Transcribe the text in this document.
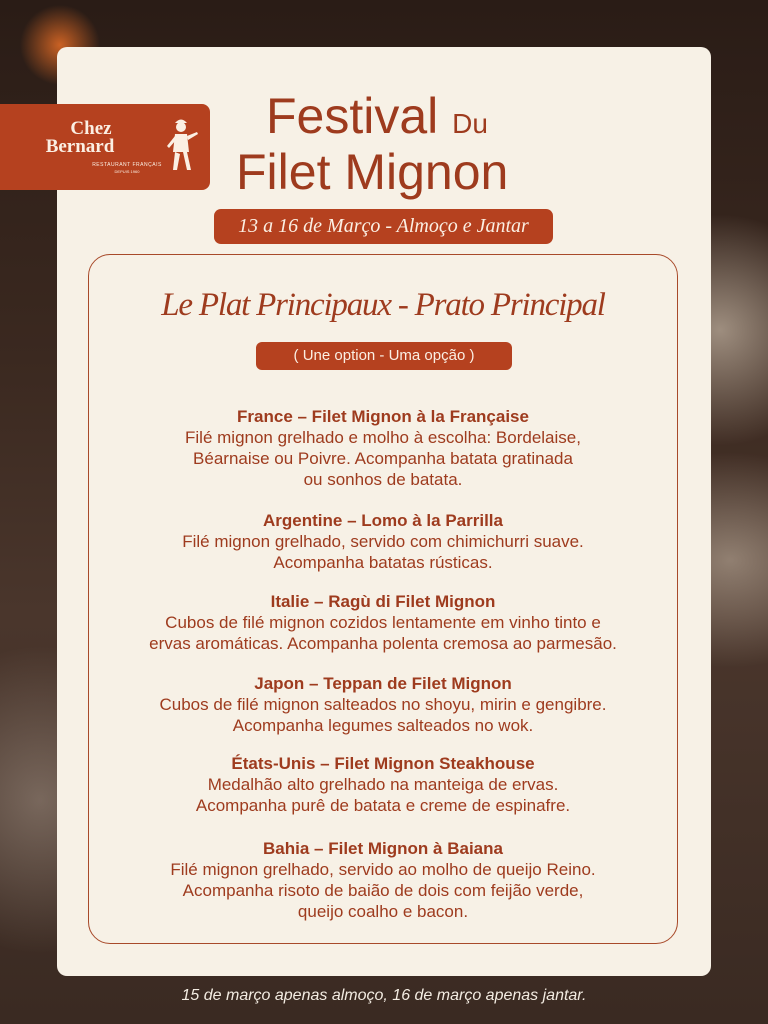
Chez
Bernard
RESTAURANT FRANÇAIS
DEPUIS 1960
Festival Du
Filet Mignon
13 a 16 de Março - Almoço e Jantar
Le Plat Principaux - Prato Principal
( Une option - Uma opção )
France – Filet Mignon à la Française
Filé mignon grelhado e molho à escolha: Bordelaise,
Béarnaise ou Poivre. Acompanha batata gratinada
ou sonhos de batata.
Argentine – Lomo à la Parrilla
Filé mignon grelhado, servido com chimichurri suave.
Acompanha batatas rústicas.
Italie – Ragù di Filet Mignon
Cubos de filé mignon cozidos lentamente em vinho tinto e
ervas aromáticas. Acompanha polenta cremosa ao parmesão.
Japon – Teppan de Filet Mignon
Cubos de filé mignon salteados no shoyu, mirin e gengibre.
Acompanha legumes salteados no wok.
États-Unis – Filet Mignon Steakhouse
Medalhão alto grelhado na manteiga de ervas.
Acompanha purê de batata e creme de espinafre.
Bahia – Filet Mignon à Baiana
Filé mignon grelhado, servido ao molho de queijo Reino.
Acompanha risoto de baião de dois com feijão verde,
queijo coalho e bacon.
15 de março apenas almoço, 16 de março apenas jantar.
